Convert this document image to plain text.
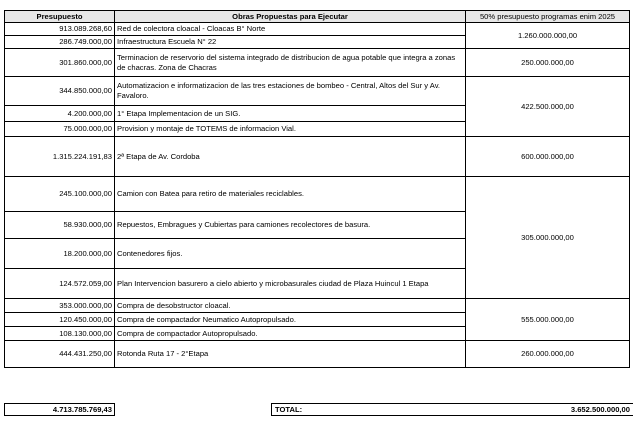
Presupuesto	Obras Propuestas para Ejecutar	50% presupuesto programas enim 2025
913.089.268,60	Red de colectora cloacal - Cloacas B° Norte	1.260.000.000,00
286.749.000,00	Infraestructura Escuela N° 22	
301.860.000,00	Terminacion de reservorio del sistema integrado de distribucion de agua potable que integra a zonas de chacras. Zona de Chacras	250.000.000,00
344.850.000,00	Automatizacion e informatizacion de las tres estaciones de bombeo - Central, Altos del Sur y Av. Favaloro.	422.500.000,00
4.200.000,00	1° Etapa Implementacion de un SIG.	
75.000.000,00	Provision y montaje de TOTEMS de informacion Vial.	
1.315.224.191,83	2ª Etapa de Av. Cordoba	600.000.000,00
245.100.000,00	Camion con Batea para retiro de materiales reciclables.	305.000.000,00
58.930.000,00	Repuestos, Embragues y Cubiertas para camiones recolectores de basura.	
18.200.000,00	Contenedores fijos.	
124.572.059,00	Plan Intervencion basurero a cielo abierto y microbasurales ciudad de Plaza Huincul 1 Etapa	
353.000.000,00	Compra de desobstructor cloacal.	555.000.000,00
120.450.000,00	Compra de compactador Neumatico Autopropulsado.	
108.130.000,00	Compra de compactador Autopropulsado.	
444.431.250,00	Rotonda Ruta 17 - 2°Etapa	260.000.000,00
4.713.785.769,43	TOTAL:	3.652.500.000,00
